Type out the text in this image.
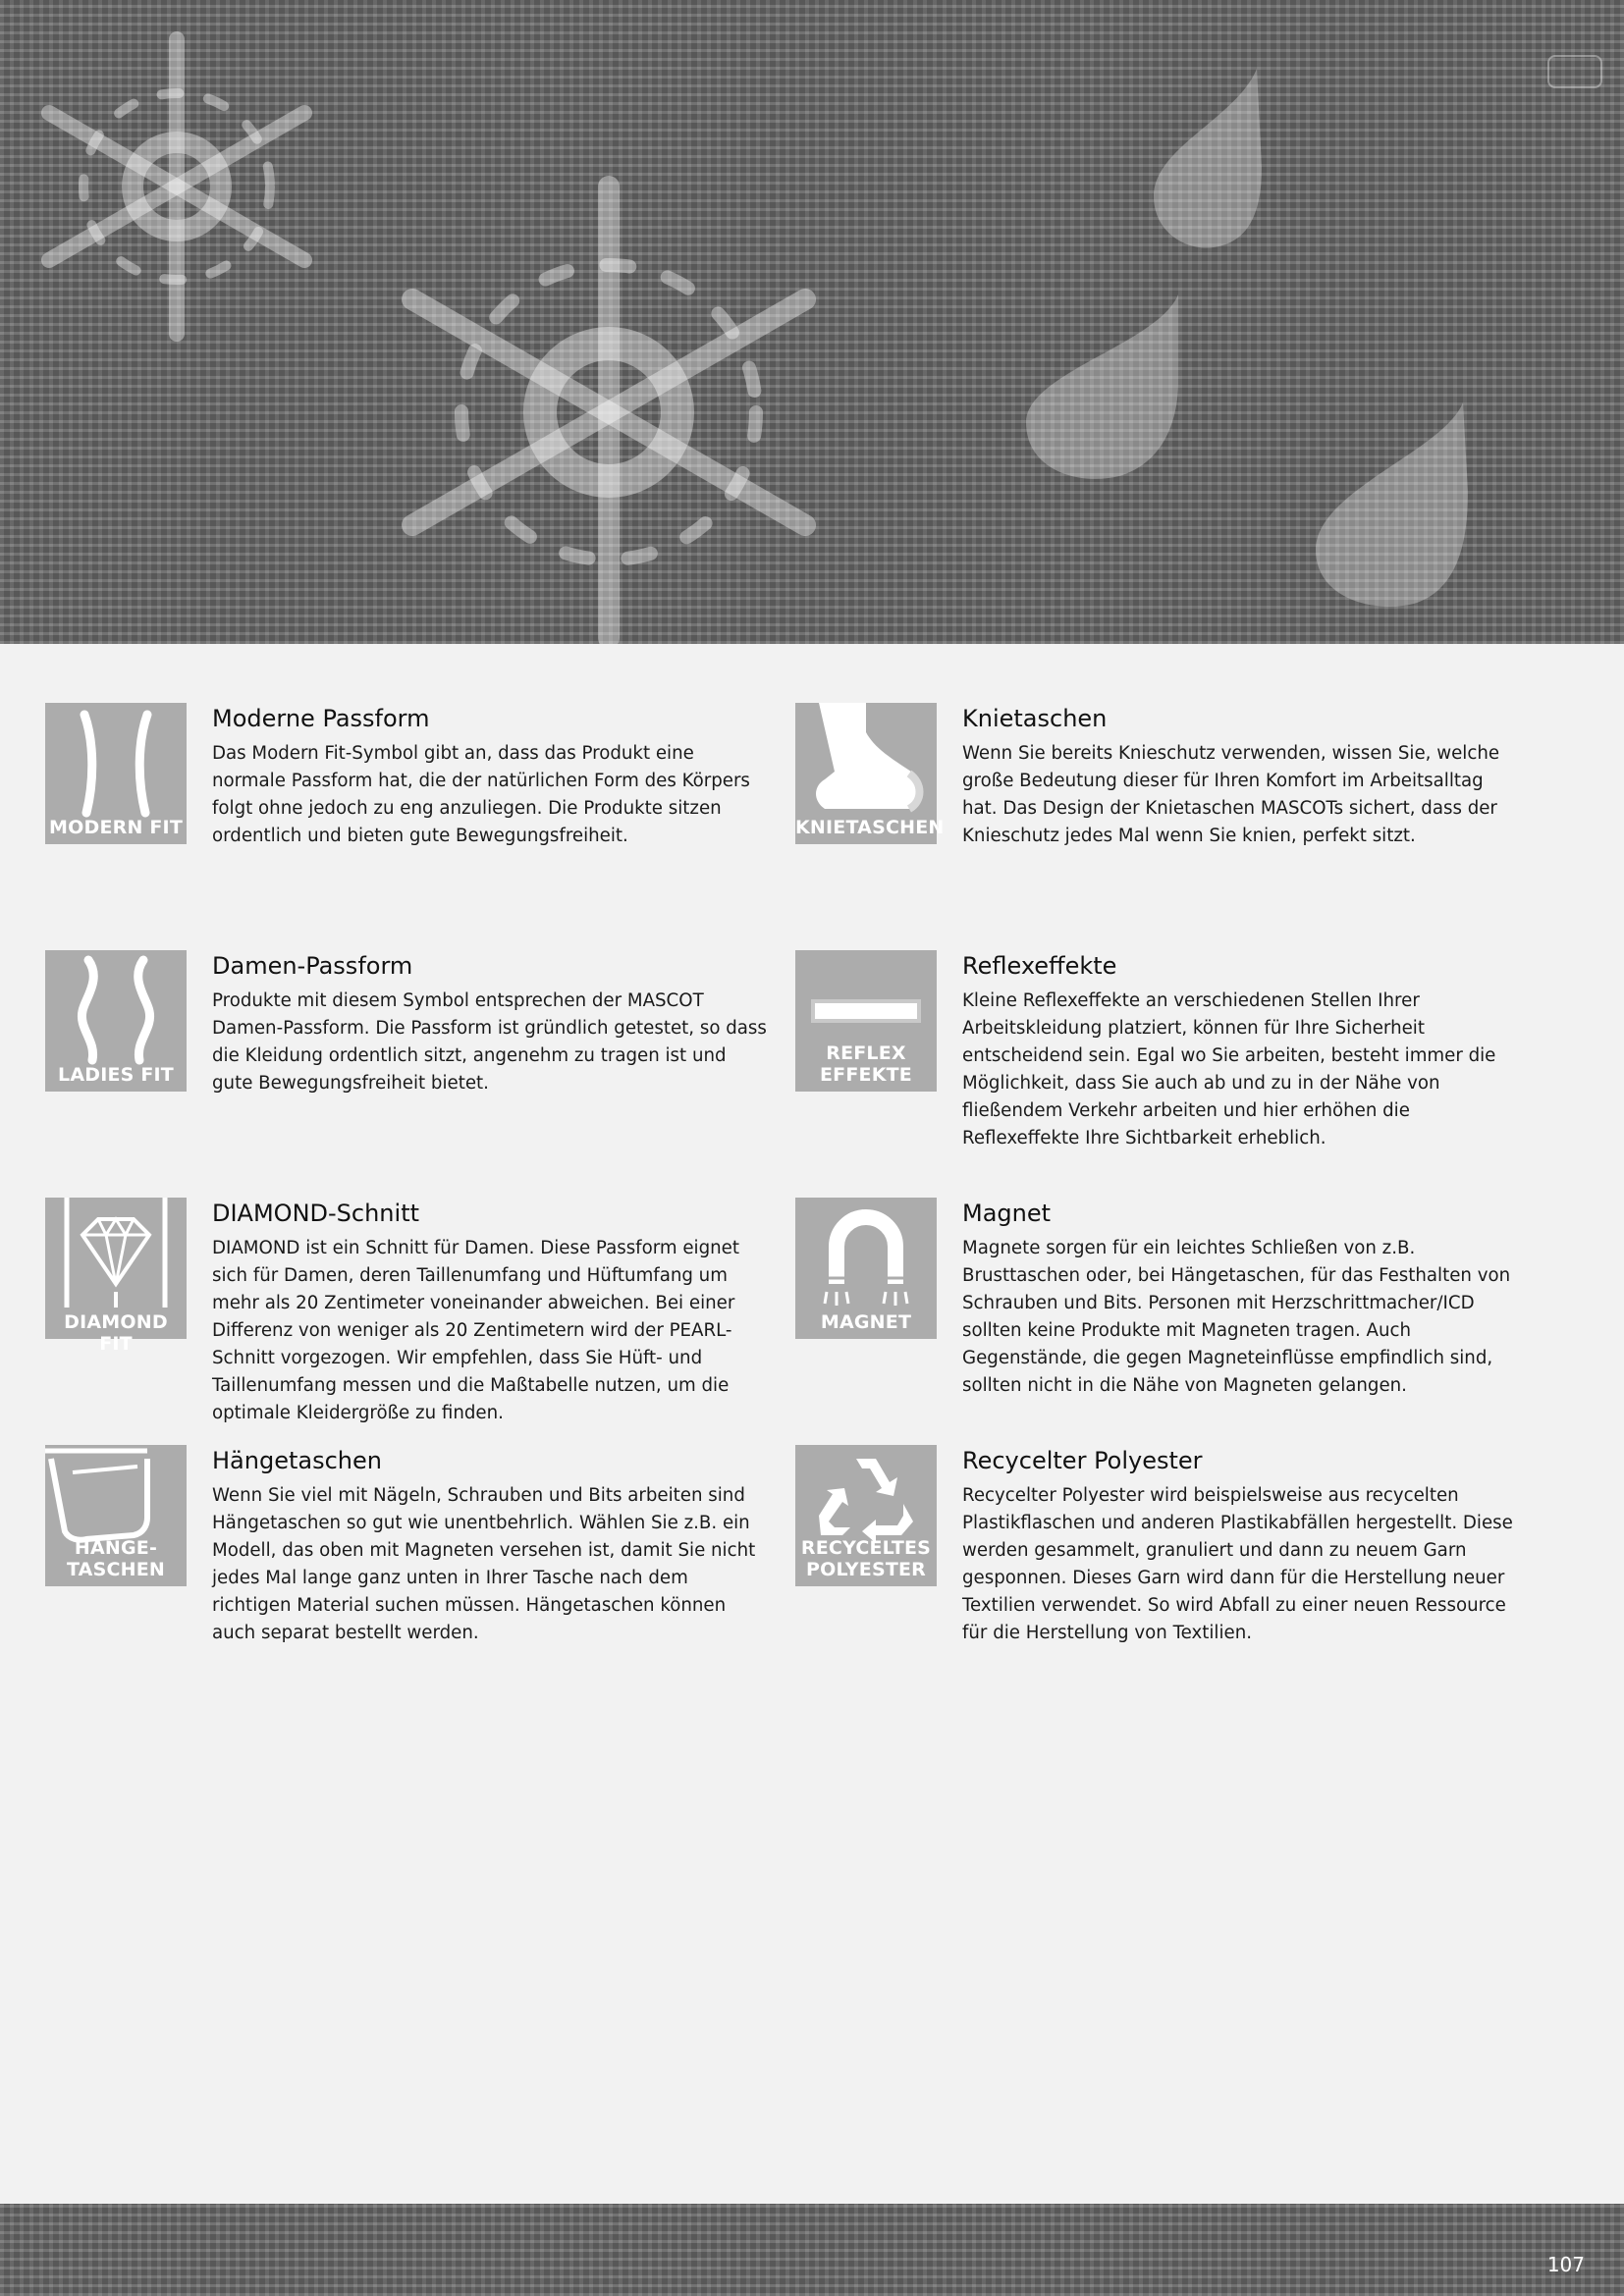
MODERN FIT
Moderne Passform

Das Modern Fit-Symbol gibt an, dass das Produkt eine normale Passform hat, die der natürlichen Form des Körpers folgt ohne jedoch zu eng anzuliegen. Die Produkte sitzen ordentlich und bieten gute Bewegungsfreiheit.	KNIETASCHEN
Knietaschen

Wenn Sie bereits Knieschutz verwenden, wissen Sie, welche große Bedeutung dieser für Ihren Komfort im Arbeitsalltag hat. Das Design der Knietaschen MASCOTs sichert, dass der Knieschutz jedes Mal wenn Sie knien, perfekt sitzt.

LADIES FIT
Damen-Passform

Produkte mit diesem Symbol entsprechen der MASCOT Damen-Passform. Die Passform ist gründlich getestet, so dass die Kleidung ordentlich sitzt, angenehm zu tragen ist und gute Bewegungsfreiheit bietet.

REFLEX
EFFEKTE
Reflexeffekte

Kleine Reflexeffekte an verschiedenen Stellen Ihrer Arbeitskleidung platziert, können für Ihre Sicherheit entscheidend sein. Egal wo Sie arbeiten, besteht immer die Möglichkeit, dass Sie auch ab und zu in der Nähe von fließendem Verkehr arbeiten und hier erhöhen die Reflexeffekte Ihre Sichtbarkeit erheblich.

DIAMOND FIT
DIAMOND-Schnitt

DIAMOND ist ein Schnitt für Damen. Diese Passform eignet sich für Damen, deren Taillenumfang und Hüftumfang um mehr als 20 Zentimeter voneinander abweichen. Bei einer Differenz von weniger als 20 Zentimetern wird der PEARL-Schnitt vorgezogen. Wir empfehlen, dass Sie Hüft- und Taillenumfang messen und die Maßtabelle nutzen, um die optimale Kleidergröße zu finden.

MAGNET
Magnet

Magnete sorgen für ein leichtes Schließen von z.B. Brusttaschen oder, bei Hängetaschen, für das Festhalten von Schrauben und Bits. Personen mit Herzschrittmacher/ICD sollten keine Produkte mit Magneten tragen. Auch Gegenstände, die gegen Magneteinflüsse empfindlich sind, sollten nicht in die Nähe von Magneten gelangen.

HÄNGE-
TASCHEN
Hängetaschen

Wenn Sie viel mit Nägeln, Schrauben und Bits arbeiten sind Hängetaschen so gut wie unentbehrlich. Wählen Sie z.B. ein Modell, das oben mit Magneten versehen ist, damit Sie nicht jedes Mal lange ganz unten in Ihrer Tasche nach dem richtigen Material suchen müssen. Hängetaschen können auch separat bestellt werden.

RECYCELTES
POLYESTER
Recycelter Polyester

Recycelter Polyester wird beispielsweise aus recycelten Plastikflaschen und anderen Plastikabfällen hergestellt. Diese werden gesammelt, granuliert und dann zu neuem Garn gesponnen. Dieses Garn wird dann für die Herstellung neuer Textilien verwendet. So wird Abfall zu einer neuen Ressource für die Herstellung von Textilien.

107
